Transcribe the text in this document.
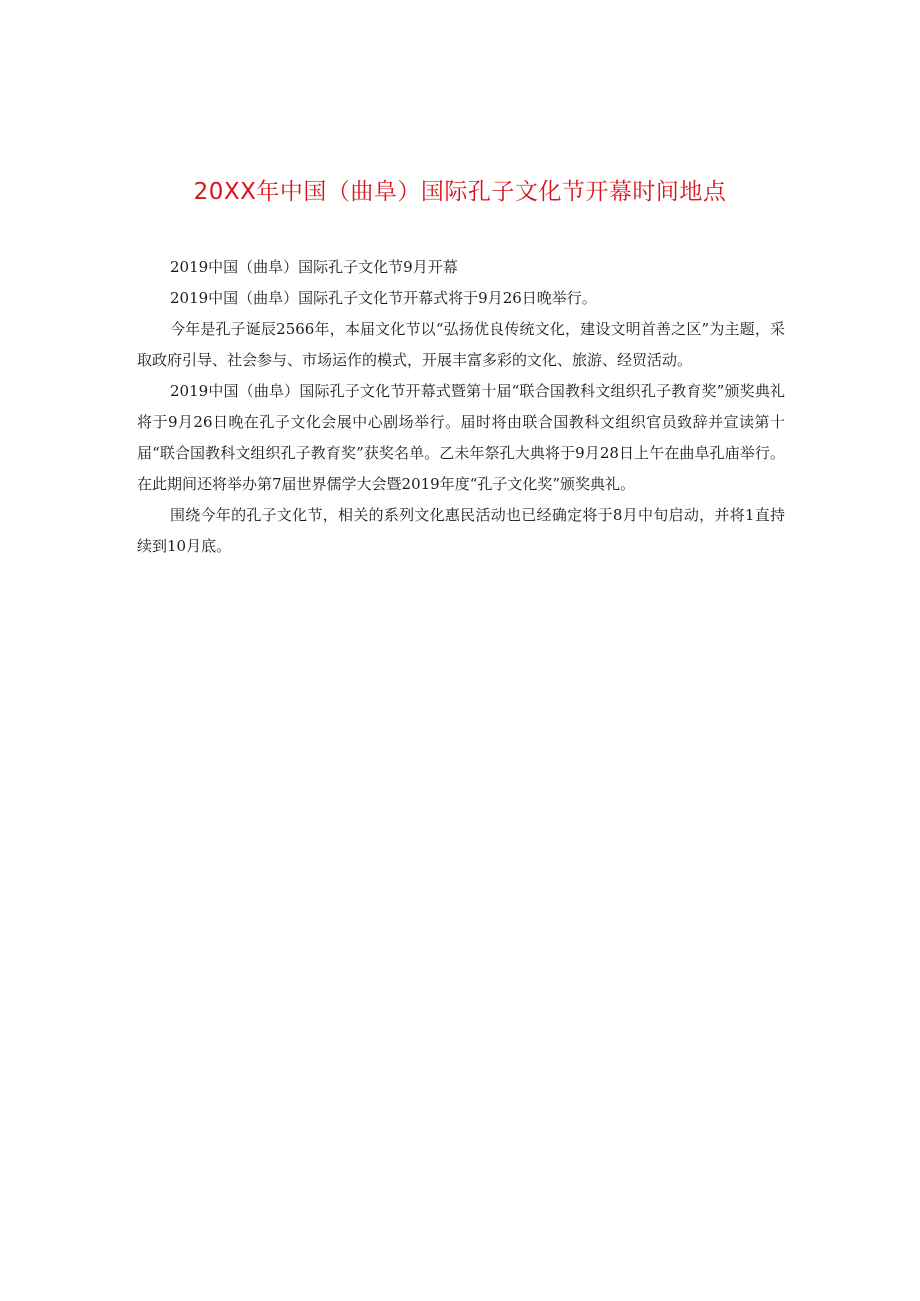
20XX年中国（曲阜）国际孔子文化节开幕时间地点

2019中国（曲阜）国际孔子文化节9月开幕

2019中国（曲阜）国际孔子文化节开幕式将于9月26日晚举行。

今年是孔子诞辰2566年，本届文化节以“弘扬优良传统文化，建设文明首善之区”为主题，采取政府引导、社会参与、市场运作的模式，开展丰富多彩的文化、旅游、经贸活动。

2019中国（曲阜）国际孔子文化节开幕式暨第十届“联合国教科文组织孔子教育奖”颁奖典礼将于9月26日晚在孔子文化会展中心剧场举行。届时将由联合国教科文组织官员致辞并宣读第十届“联合国教科文组织孔子教育奖”获奖名单。乙未年祭孔大典将于9月28日上午在曲阜孔庙举行。在此期间还将举办第7届世界儒学大会暨2019年度“孔子文化奖”颁奖典礼。

围绕今年的孔子文化节，相关的系列文化惠民活动也已经确定将于8月中旬启动，并将1直持续到10月底。
